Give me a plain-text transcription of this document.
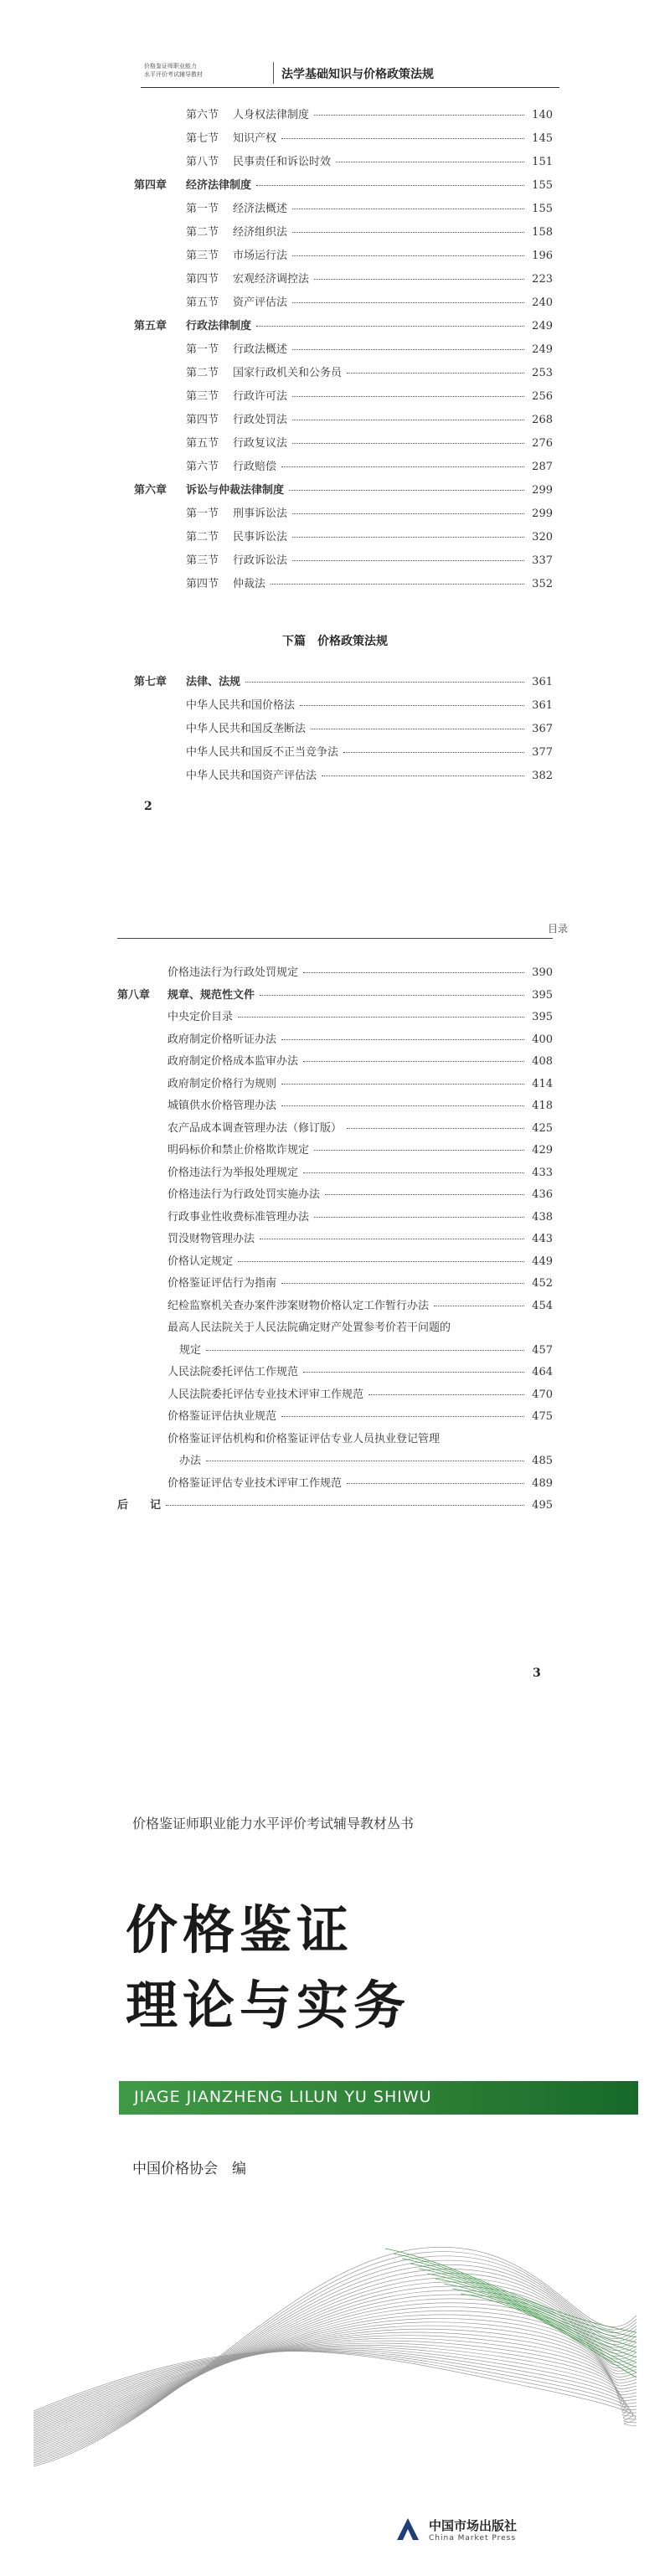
价格鉴证师职业能力
水平评价考试辅导教材	法学基础知识与价格政策法规
第六节	人身权法律制度	140
第七节	知识产权	145
第八节	民事责任和诉讼时效	151
第四章	经济法律制度	155
第一节	经济法概述	155
第二节	经济组织法	158
第三节	市场运行法	196
第四节	宏观经济调控法	223
第五节	资产评估法	240
第五章	行政法律制度	249
第一节	行政法概述	249
第二节	国家行政机关和公务员	253
第三节	行政许可法	256
第四节	行政处罚法	268
第五节	行政复议法	276
第六节	行政赔偿	287
第六章	诉讼与仲裁法律制度	299
第一节	刑事诉讼法	299
第二节	民事诉讼法	320
第三节	行政诉讼法	337
第四节	仲裁法	352
下篇　价格政策法规
第七章	法律、法规	361
中华人民共和国价格法	361
中华人民共和国反垄断法	367
中华人民共和国反不正当竞争法	377
中华人民共和国资产评估法	382
2
目录
价格违法行为行政处罚规定	390
第八章	规章、规范性文件	395
中央定价目录	395
政府制定价格听证办法	400
政府制定价格成本监审办法	408
政府制定价格行为规则	414
城镇供水价格管理办法	418
农产品成本调查管理办法（修订版）	425
明码标价和禁止价格欺诈规定	429
价格违法行为举报处理规定	433
价格违法行为行政处罚实施办法	436
行政事业性收费标准管理办法	438
罚没财物管理办法	443
价格认定规定	449
价格鉴证评估行为指南	452
纪检监察机关查办案件涉案财物价格认定工作暂行办法	454
最高人民法院关于人民法院确定财产处置参考价若干问题的
规定	457
人民法院委托评估工作规范	464
人民法院委托评估专业技术评审工作规范	470
价格鉴证评估执业规范	475
价格鉴证评估机构和价格鉴证评估专业人员执业登记管理
办法	485
价格鉴证评估专业技术评审工作规范	489
后　　记	495
3
价格鉴证师职业能力水平评价考试辅导教材丛书
价格鉴证
理论与实务
JIAGE JIANZHENG LILUN YU SHIWU
中国价格协会　编
中国市场出版社
China Market Press
